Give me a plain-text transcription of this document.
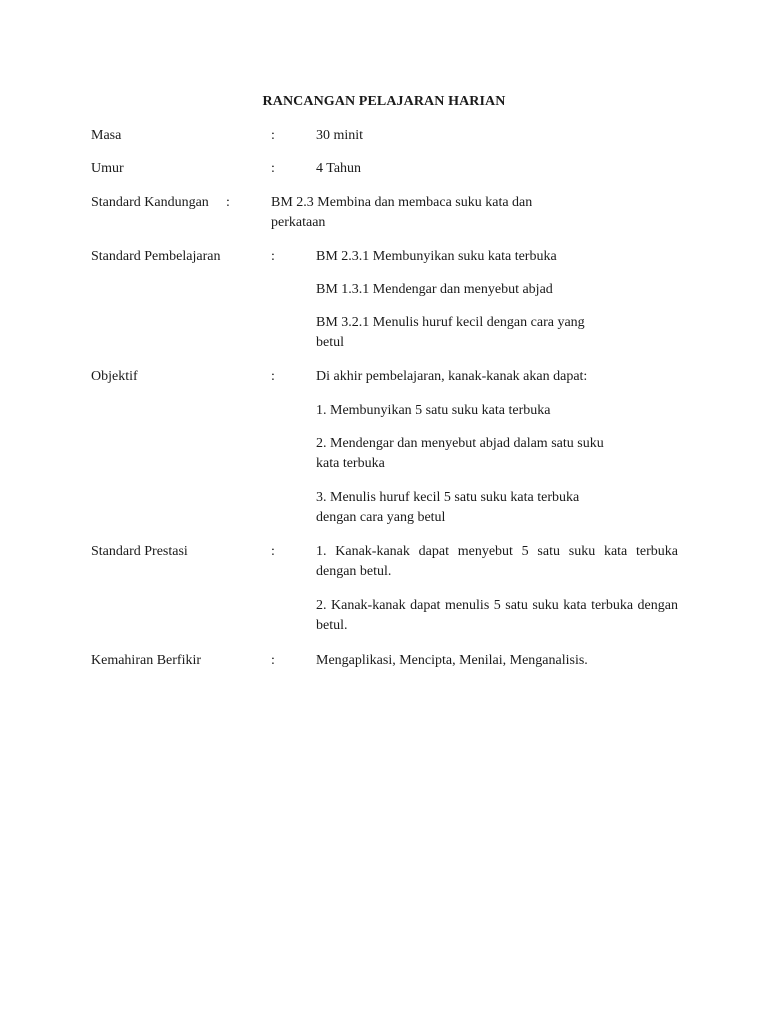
RANCANGAN PELAJARAN HARIAN
Masa	:	30 minit
Umur	:	4 Tahun
Standard Kandungan :	BM 2.3 Membina dan membaca suku kata dan
perkataan
Standard Pembelajaran	:	BM 2.3.1 Membunyikan suku kata terbuka
BM 1.3.1 Mendengar dan menyebut abjad
BM 3.2.1 Menulis huruf kecil dengan cara yang betul
Objektif	:	Di akhir pembelajaran, kanak-kanak akan dapat:
1. Membunyikan 5 satu suku kata terbuka
2. Mendengar dan menyebut abjad dalam satu suku kata terbuka
3. Menulis huruf kecil 5 satu suku kata terbuka dengan cara yang betul
Standard Prestasi	:	1. Kanak-kanak dapat menyebut 5 satu suku kata terbuka dengan betul.
2. Kanak-kanak dapat menulis 5 satu suku kata terbuka dengan betul.
Kemahiran Berfikir	:	Mengaplikasi, Mencipta, Menilai, Menganalisis.
